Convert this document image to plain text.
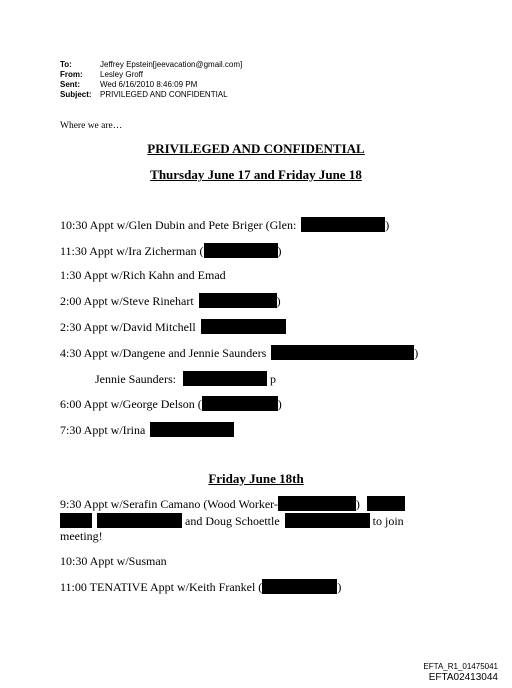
To:	Jeffrey Epstein[jeevacation@gmail.com]
From:	Lesley Groff
Sent:	Wed 6/16/2010 8:46:09 PM
Subject:	PRIVILEGED AND CONFIDENTIAL
Where we are…
PRIVILEGED AND CONFIDENTIAL
Thursday June 17 and Friday June 18
10:30 Appt w/Glen Dubin and Pete Briger (Glen:	)
11:30 Appt w/Ira Zicherman (	)
1:30 Appt w/Rich Kahn and Emad
2:00 Appt w/Steve Rinehart	)
2:30 Appt w/David Mitchell
4:30 Appt w/Dangene and Jennie Saunders	)
Jennie Saunders:	p
6:00 Appt w/George Delson (	)
7:30 Appt w/Irina
Friday June 18th
9:30 Appt w/Serafin Camano (Wood Worker-	)
and Doug Schoettle	to join
meeting!
10:30 Appt w/Susman
11:00 TENATIVE Appt w/Keith Frankel (	)
EFTA_R1_01475041
EFTA02413044
